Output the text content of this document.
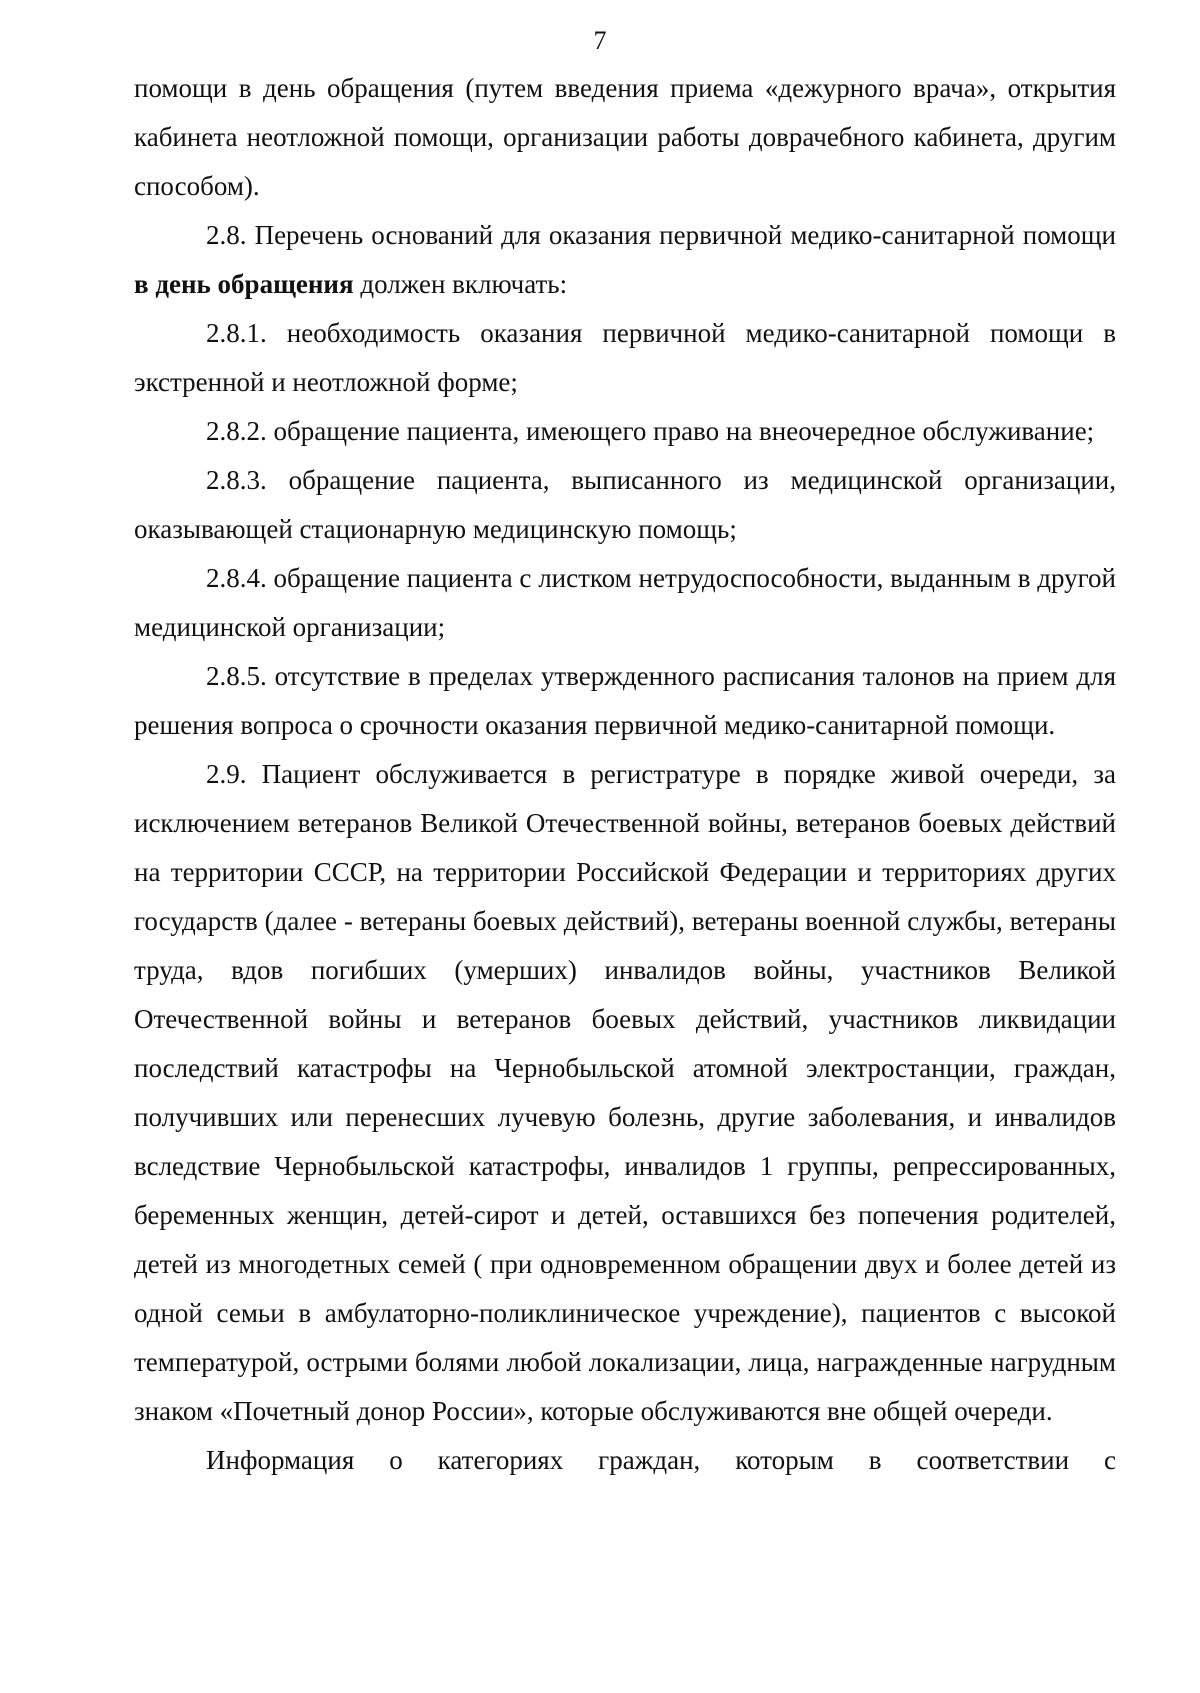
7

помощи в день обращения (путем введения приема «дежурного врача», открытия кабинета неотложной помощи, организации работы доврачебного кабинета, другим способом).

2.8. Перечень оснований для оказания первичной медико-санитарной помощи в день обращения должен включать:

2.8.1. необходимость оказания первичной медико-санитарной помощи в экстренной и неотложной форме;

2.8.2. обращение пациента, имеющего право на внеочередное обслуживание;

2.8.3. обращение пациента, выписанного из медицинской организации, оказывающей стационарную медицинскую помощь;

2.8.4. обращение пациента с листком нетрудоспособности, выданным в другой медицинской организации;

2.8.5. отсутствие в пределах утвержденного расписания талонов на прием для решения вопроса о срочности оказания первичной медико-санитарной помощи.

2.9. Пациент обслуживается в регистратуре в порядке живой очереди, за исключением ветеранов Великой Отечественной войны, ветеранов боевых действий на территории СССР, на территории Российской Федерации и территориях других государств (далее - ветераны боевых действий), ветераны военной службы, ветераны труда, вдов погибших (умерших) инвалидов войны, участников Великой Отечественной войны и ветеранов боевых действий, участников ликвидации последствий катастрофы на Чернобыльской атомной электростанции, граждан, получивших или перенесших лучевую болезнь, другие заболевания, и инвалидов вследствие Чернобыльской катастрофы, инвалидов 1 группы, репрессированных, беременных женщин, детей-сирот и детей, оставшихся без попечения родителей, детей из многодетных семей ( при одновременном обращении двух и более детей из одной семьи в амбулаторно-поликлиническое учреждение), пациентов с высокой температурой, острыми болями любой локализации, лица, награжденные нагрудным знаком «Почетный донор России», которые обслуживаются вне общей очереди.

Информация о категориях граждан, которым в соответствии с
